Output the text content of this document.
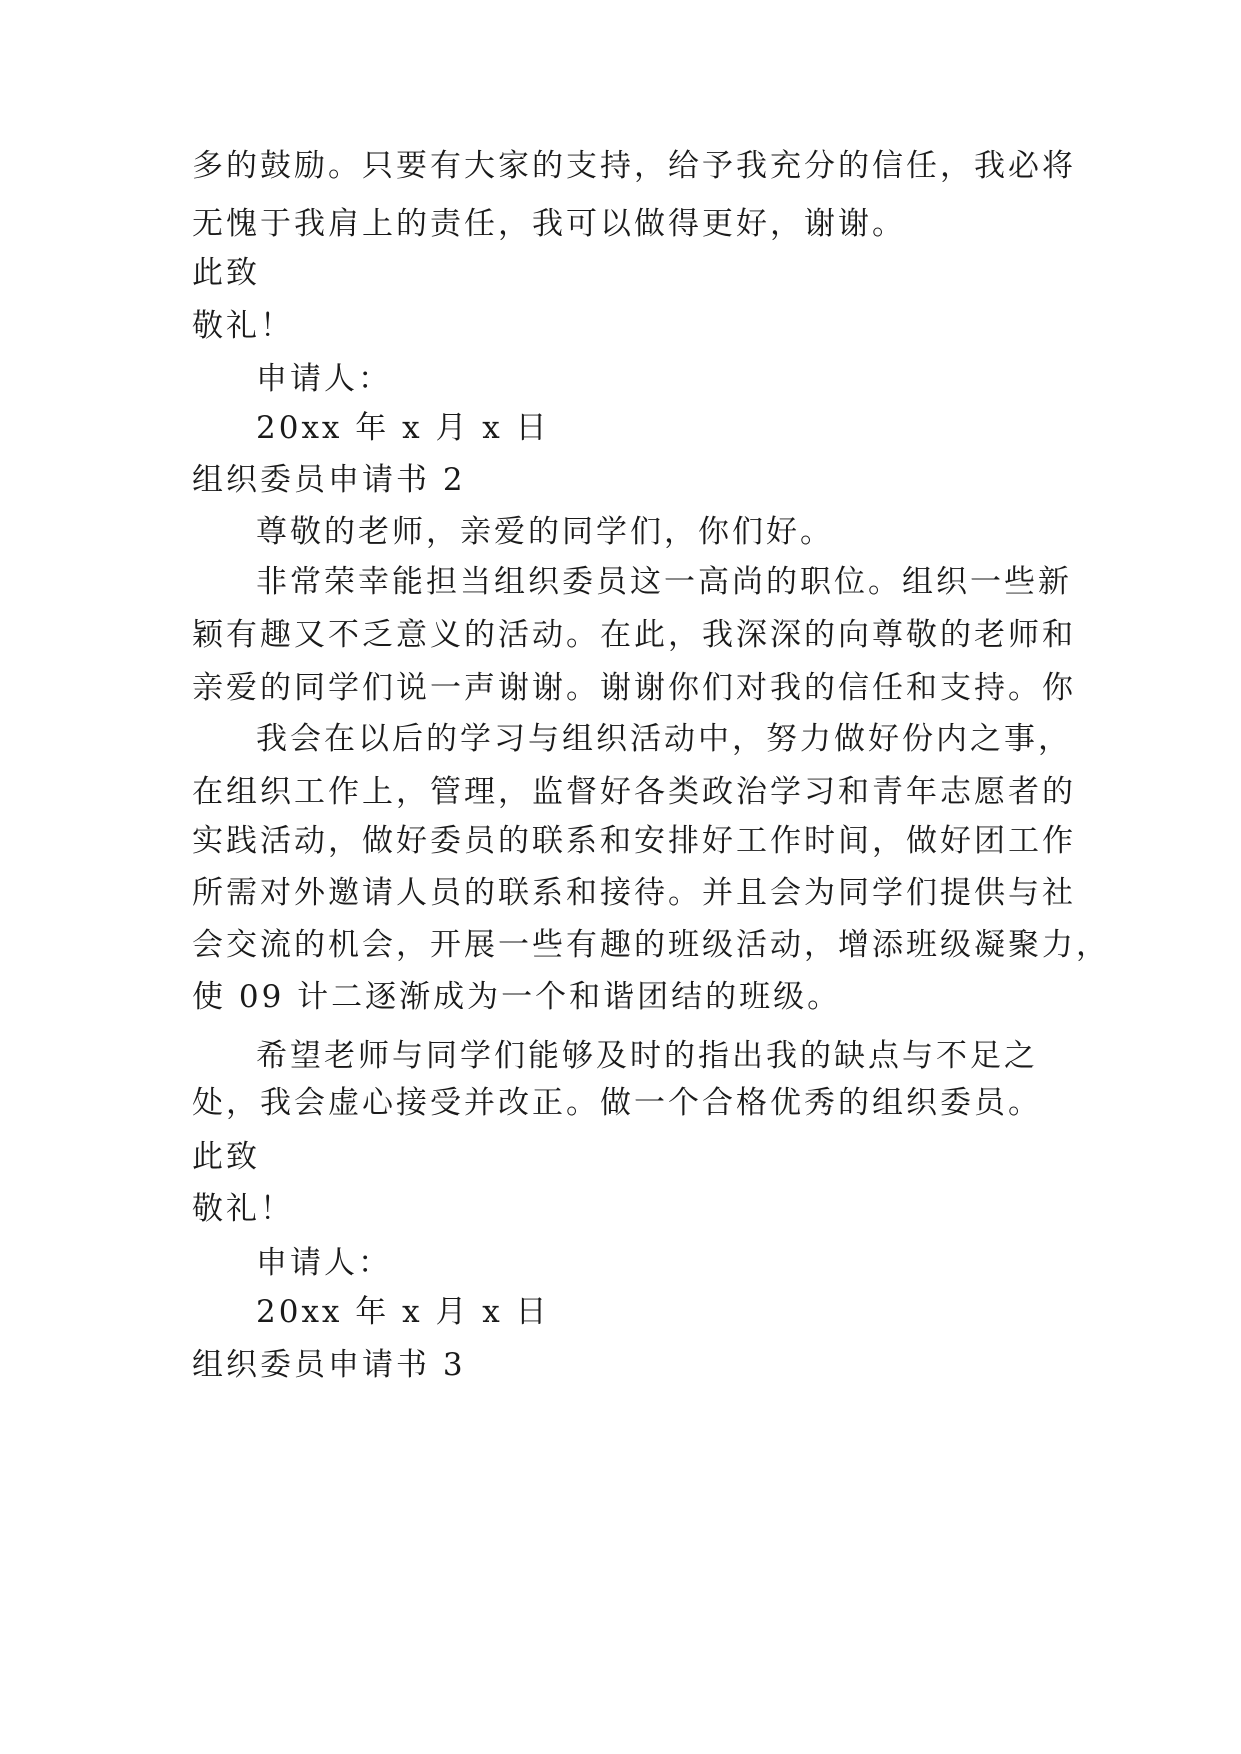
多的鼓励。只要有大家的支持，给予我充分的信任，我必将
无愧于我肩上的责任，我可以做得更好，谢谢。
此致
敬礼！
申请人：
20xx 年 x 月 x 日
组织委员申请书 2
尊敬的老师，亲爱的同学们，你们好。
非常荣幸能担当组织委员这一高尚的职位。组织一些新
颖有趣又不乏意义的活动。在此，我深深的向尊敬的老师和
亲爱的同学们说一声谢谢。谢谢你们对我的信任和支持。你
我会在以后的学习与组织活动中，努力做好份内之事，
在组织工作上，管理，监督好各类政治学习和青年志愿者的
实践活动，做好委员的联系和安排好工作时间，做好团工作
所需对外邀请人员的联系和接待。并且会为同学们提供与社
会交流的机会，开展一些有趣的班级活动，增添班级凝聚力，
使 09 计二逐渐成为一个和谐团结的班级。
希望老师与同学们能够及时的指出我的缺点与不足之
处，我会虚心接受并改正。做一个合格优秀的组织委员。
此致
敬礼！
申请人：
20xx 年 x 月 x 日
组织委员申请书 3
